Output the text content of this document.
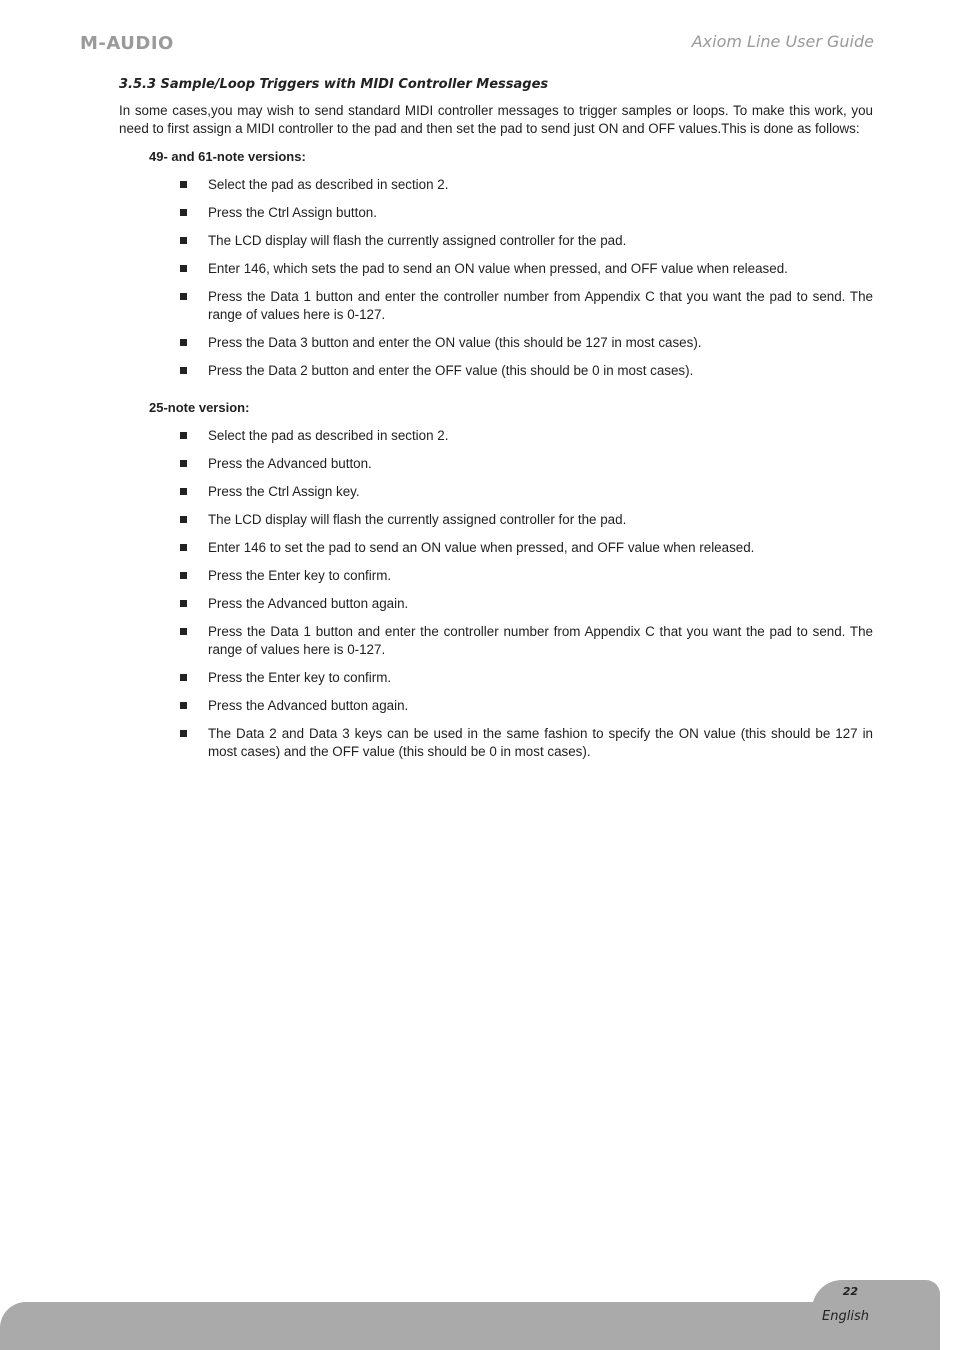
M-AUDIO	Axiom Line User Guide
3.5.3 Sample/Loop Triggers with MIDI Controller Messages

In some cases,you may wish to send standard MIDI controller messages to trigger samples or loops. To make this work, you need to first assign a MIDI controller to the pad and then set the pad to send just ON and OFF values.This is done as follows:

49- and 61-note versions:
Select the pad as described in section 2.
Press the Ctrl Assign button.
The LCD display will flash the currently assigned controller for the pad.
Enter 146, which sets the pad to send an ON value when pressed, and OFF value when released.
Press the Data 1 button and enter the controller number from Appendix C that you want the pad to send. The range of values here is 0-127.
Press the Data 3 button and enter the ON value (this should be 127 in most cases).
Press the Data 2 button and enter the OFF value (this should be 0 in most cases).
25-note version:
Select the pad as described in section 2.
Press the Advanced button.
Press the Ctrl Assign key.
The LCD display will flash the currently assigned controller for the pad.
Enter 146 to set the pad to send an ON value when pressed, and OFF value when released.
Press the Enter key to confirm.
Press the Advanced button again.
Press the Data 1 button and enter the controller number from Appendix C that you want the pad to send. The range of values here is 0-127.
Press the Enter key to confirm.
Press the Advanced button again.
The Data 2 and Data 3 keys can be used in the same fashion to specify the ON value (this should be 127 in most cases) and the OFF value (this should be 0 in most cases).
22
English
